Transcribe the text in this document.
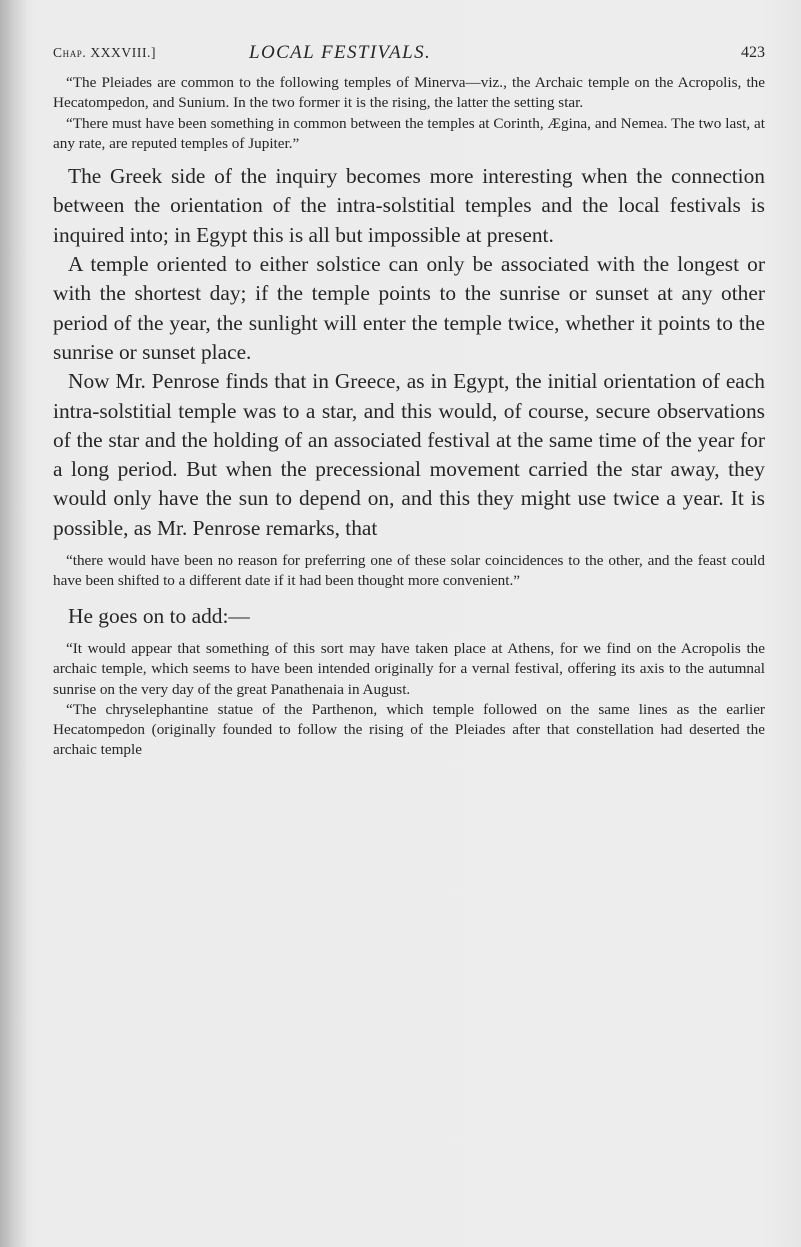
Chap. XXXVIII.]	LOCAL FESTIVALS.	423

“The Pleiades are common to the following temples of Minerva—viz., the Archaic temple on the Acropolis, the Hecatompedon, and Sunium. In the two former it is the rising, the latter the setting star.

“There must have been something in common between the temples at Corinth, Ægina, and Nemea. The two last, at any rate, are reputed temples of Jupiter.”

The Greek side of the inquiry becomes more interesting when the connection between the orientation of the intra-solstitial temples and the local festivals is inquired into; in Egypt this is all but impossible at present.

A temple oriented to either solstice can only be associated with the longest or with the shortest day; if the temple points to the sunrise or sunset at any other period of the year, the sunlight will enter the temple twice, whether it points to the sunrise or sunset place.

Now Mr. Penrose finds that in Greece, as in Egypt, the initial orientation of each intra-solstitial temple was to a star, and this would, of course, secure observations of the star and the holding of an associated festival at the same time of the year for a long period. But when the precessional movement carried the star away, they would only have the sun to depend on, and this they might use twice a year. It is possible, as Mr. Penrose remarks, that

“there would have been no reason for preferring one of these solar coincidences to the other, and the feast could have been shifted to a different date if it had been thought more convenient.”

He goes on to add:—

“It would appear that something of this sort may have taken place at Athens, for we find on the Acropolis the archaic temple, which seems to have been intended originally for a vernal festival, offering its axis to the autumnal sunrise on the very day of the great Panathenaia in August.

“The chryselephantine statue of the Parthenon, which temple followed on the same lines as the earlier Hecatompedon (originally founded to follow the rising of the Pleiades after that constellation had deserted the archaic temple
